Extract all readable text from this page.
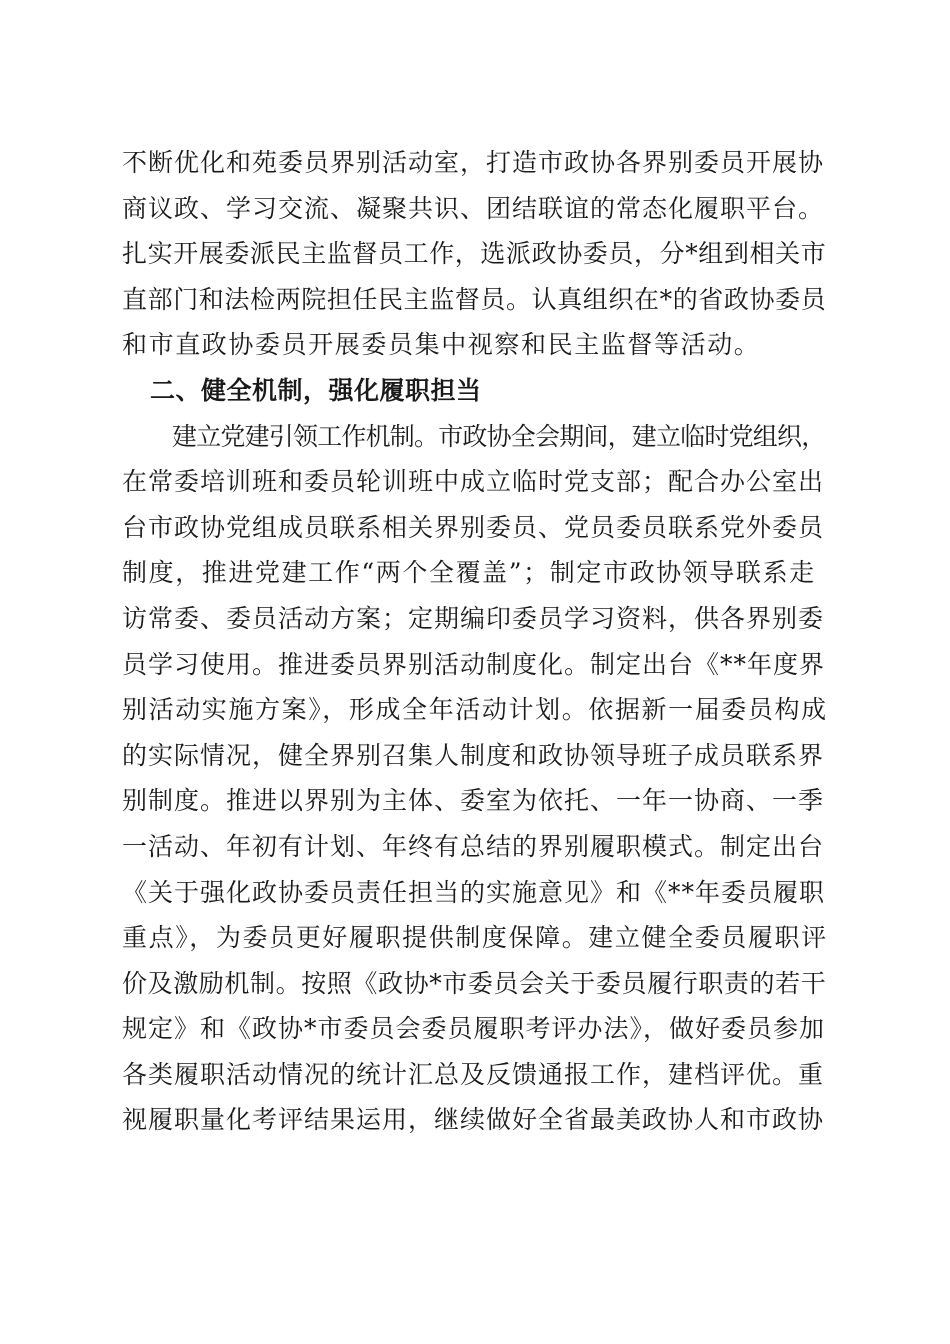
不断优化和苑委员界别活动室，打造市政协各界别委员开展协
商议政、学习交流、凝聚共识、团结联谊的常态化履职平台。
扎实开展委派民主监督员工作，选派政协委员，分*组到相关市
直部门和法检两院担任民主监督员。认真组织在*的省政协委员
和市直政协委员开展委员集中视察和民主监督等活动。
二、健全机制，强化履职担当
建立党建引领工作机制。市政协全会期间，建立临时党组织，
在常委培训班和委员轮训班中成立临时党支部；配合办公室出
台市政协党组成员联系相关界别委员、党员委员联系党外委员
制度，推进党建工作“两个全覆盖”；制定市政协领导联系走
访常委、委员活动方案；定期编印委员学习资料，供各界别委
员学习使用。推进委员界别活动制度化。制定出台《**年度界
别活动实施方案》，形成全年活动计划。依据新一届委员构成
的实际情况，健全界别召集人制度和政协领导班子成员联系界
别制度。推进以界别为主体、委室为依托、一年一协商、一季
一活动、年初有计划、年终有总结的界别履职模式。制定出台
《关于强化政协委员责任担当的实施意见》和《**年委员履职
重点》，为委员更好履职提供制度保障。建立健全委员履职评
价及激励机制。按照《政协*市委员会关于委员履行职责的若干
规定》和《政协*市委员会委员履职考评办法》，做好委员参加
各类履职活动情况的统计汇总及反馈通报工作，建档评优。重
视履职量化考评结果运用，继续做好全省最美政协人和市政协
